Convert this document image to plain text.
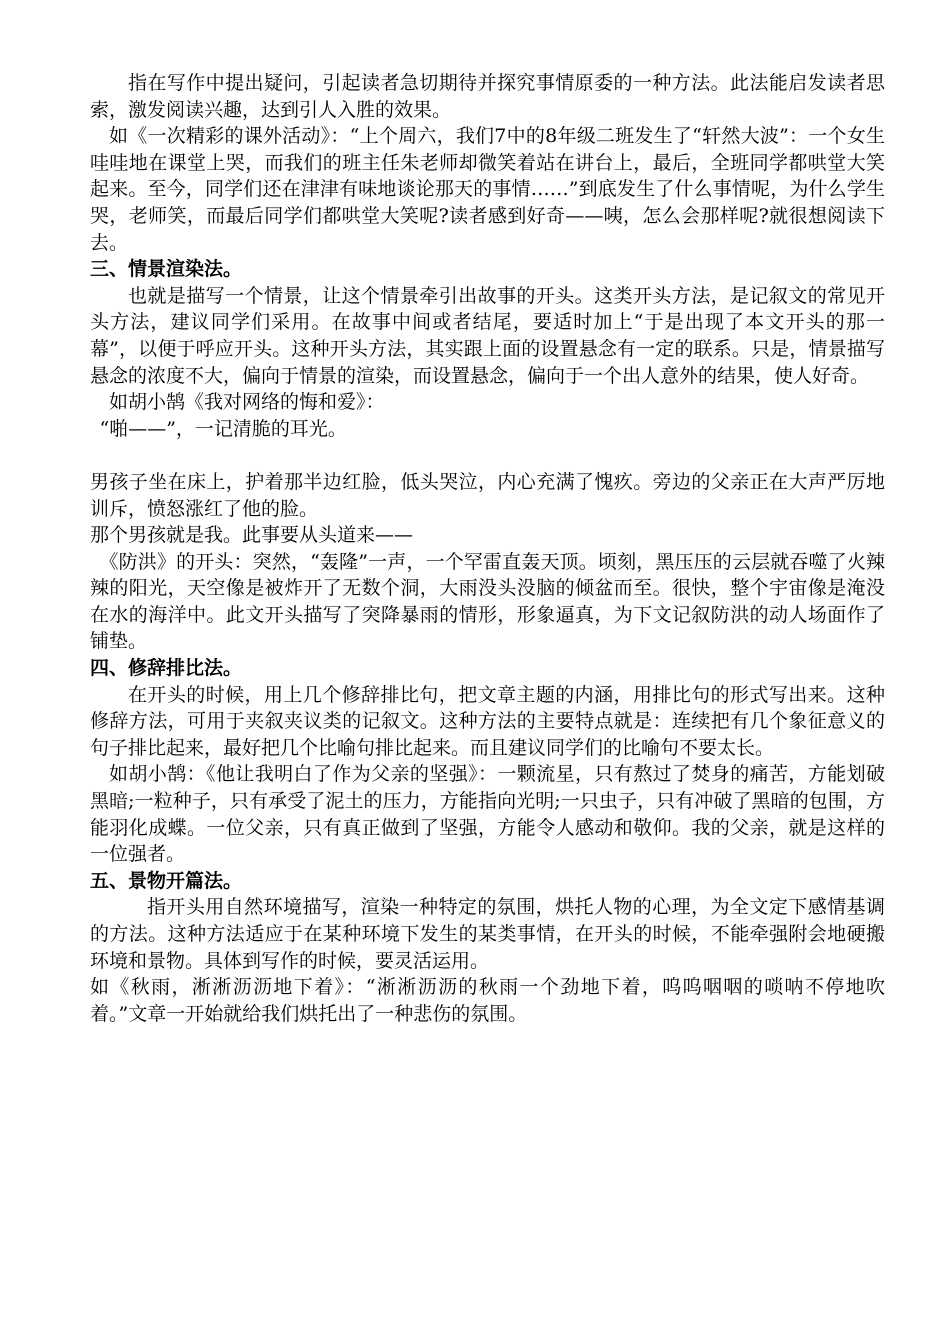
指在写作中提出疑问，引起读者急切期待并探究事情原委的一种方法。此法能启发读者思索，激发阅读兴趣，达到引人入胜的效果。

如《一次精彩的课外活动》：“上个周六，我们7中的8年级二班发生了“轩然大波”：一个女生哇哇地在课堂上哭，而我们的班主任朱老师却微笑着站在讲台上，最后，全班同学都哄堂大笑起来。至今，同学们还在津津有味地谈论那天的事情……”到底发生了什么事情呢，为什么学生哭，老师笑，而最后同学们都哄堂大笑呢?读者感到好奇——咦，怎么会那样呢?就很想阅读下去。

三、情景渲染法。

也就是描写一个情景，让这个情景牵引出故事的开头。这类开头方法，是记叙文的常见开头方法，建议同学们采用。在故事中间或者结尾，要适时加上“于是出现了本文开头的那一幕”，以便于呼应开头。这种开头方法，其实跟上面的设置悬念有一定的联系。只是，情景描写悬念的浓度不大，偏向于情景的渲染，而设置悬念，偏向于一个出人意外的结果，使人好奇。

如胡小鹄《我对网络的悔和爱》：

“啪——”，一记清脆的耳光。

男孩子坐在床上，护着那半边红脸，低头哭泣，内心充满了愧疚。旁边的父亲正在大声严厉地训斥，愤怒涨红了他的脸。

那个男孩就是我。此事要从头道来——

《防洪》的开头：突然，“轰隆”一声，一个罕雷直轰天顶。顷刻，黑压压的云层就吞噬了火辣辣的阳光，天空像是被炸开了无数个洞，大雨没头没脑的倾盆而至。很快，整个宇宙像是淹没在水的海洋中。此文开头描写了突降暴雨的情形，形象逼真，为下文记叙防洪的动人场面作了铺垫。

四、修辞排比法。

在开头的时候，用上几个修辞排比句，把文章主题的内涵，用排比句的形式写出来。这种修辞方法，可用于夹叙夹议类的记叙文。这种方法的主要特点就是：连续把有几个象征意义的句子排比起来，最好把几个比喻句排比起来。而且建议同学们的比喻句不要太长。

如胡小鹄：《他让我明白了作为父亲的坚强》：一颗流星，只有熬过了焚身的痛苦，方能划破黑暗;一粒种子，只有承受了泥土的压力，方能指向光明;一只虫子，只有冲破了黑暗的包围，方能羽化成蝶。一位父亲，只有真正做到了坚强，方能令人感动和敬仰。我的父亲，就是这样的一位强者。

五、景物开篇法。

指开头用自然环境描写，渲染一种特定的氛围，烘托人物的心理，为全文定下感情基调的方法。这种方法适应于在某种环境下发生的某类事情，在开头的时候，不能牵强附会地硬搬环境和景物。具体到写作的时候，要灵活运用。

如《秋雨，淅淅沥沥地下着》：“淅淅沥沥的秋雨一个劲地下着，呜呜咽咽的唢呐不停地吹着。”文章一开始就给我们烘托出了一种悲伤的氛围。
